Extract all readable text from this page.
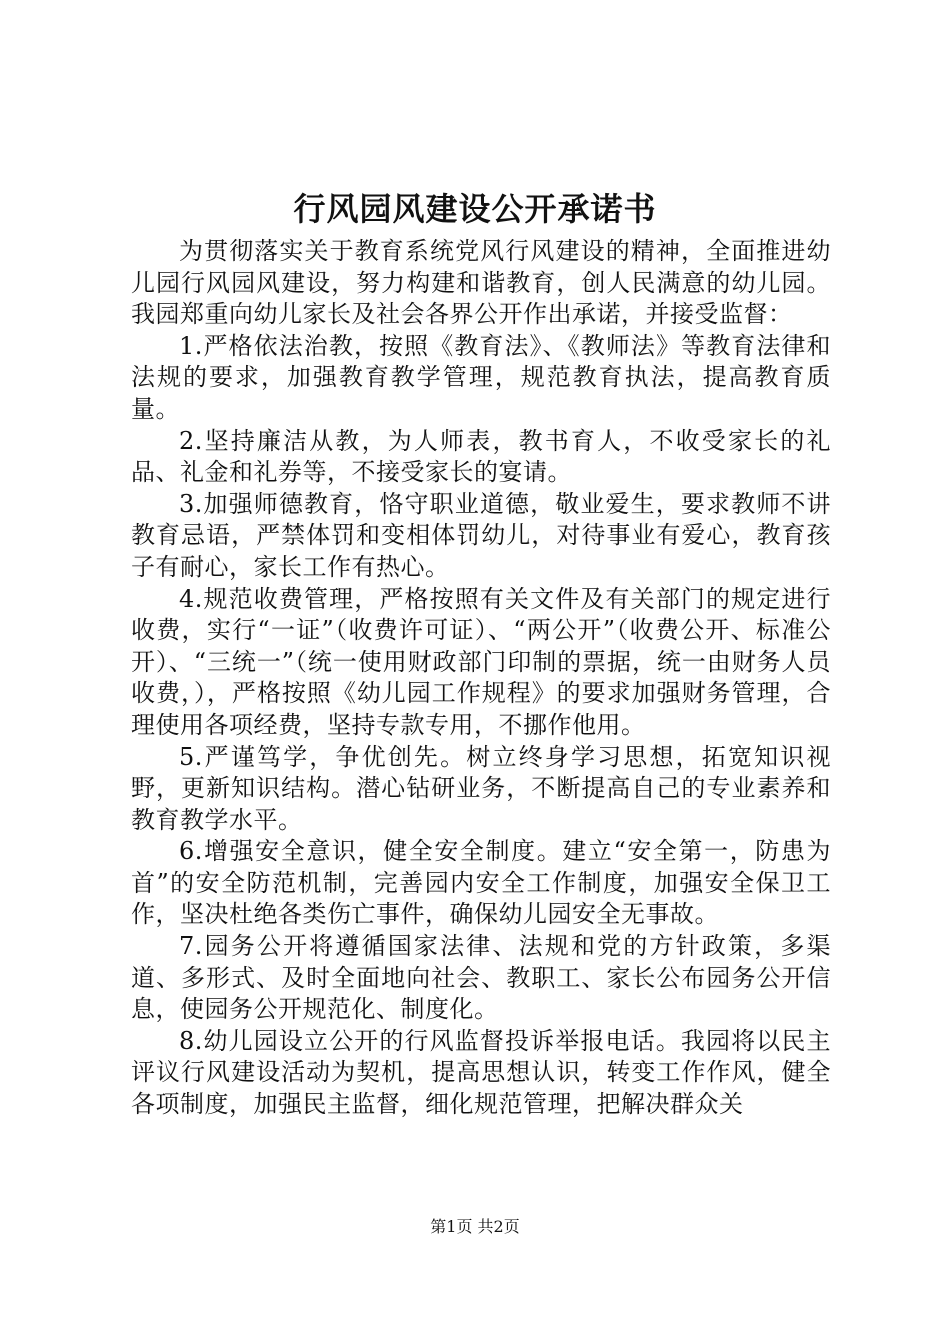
行风园风建设公开承诺书

为贯彻落实关于教育系统党风行风建设的精神，全面推进幼儿园行风园风建设，努力构建和谐教育，创人民满意的幼儿园。我园郑重向幼儿家长及社会各界公开作出承诺，并接受监督：

1.严格依法治教，按照《教育法》、《教师法》等教育法律和法规的要求，加强教育教学管理，规范教育执法，提高教育质量。

2.坚持廉洁从教，为人师表，教书育人，不收受家长的礼品、礼金和礼券等，不接受家长的宴请。

3.加强师德教育，恪守职业道德，敬业爱生，要求教师不讲教育忌语，严禁体罚和变相体罚幼儿，对待事业有爱心，教育孩子有耐心，家长工作有热心。

4.规范收费管理，严格按照有关文件及有关部门的规定进行收费，实行“一证”（收费许可证）、“两公开”（收费公开、标准公开）、“三统一”（统一使用财政部门印制的票据，统一由财务人员收费，），严格按照《幼儿园工作规程》的要求加强财务管理，合理使用各项经费，坚持专款专用，不挪作他用。

5.严谨笃学，争优创先。树立终身学习思想，拓宽知识视野，更新知识结构。潜心钻研业务，不断提高自己的专业素养和教育教学水平。

6.增强安全意识，健全安全制度。建立“安全第一，防患为首”的安全防范机制，完善园内安全工作制度，加强安全保卫工作，坚决杜绝各类伤亡事件，确保幼儿园安全无事故。

7.园务公开将遵循国家法律、法规和党的方针政策，多渠道、多形式、及时全面地向社会、教职工、家长公布园务公开信息，使园务公开规范化、制度化。

8.幼儿园设立公开的行风监督投诉举报电话。我园将以民主评议行风建设活动为契机，提高思想认识，转变工作作风，健全各项制度，加强民主监督，细化规范管理，把解决群众关

第1页 共2页
